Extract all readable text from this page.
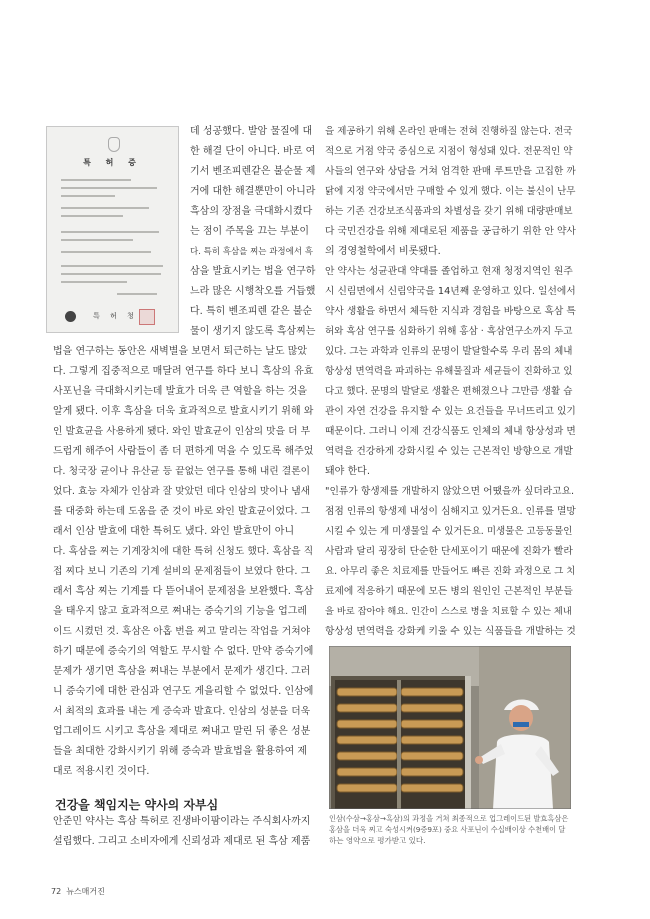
특 허 증
특 허 청
데 성공했다. 발암 물질에 대
한 해결 단이 아니다. 바로 여
기서 벤조피렌같은 불순물 제
거에 대한 해결뿐만이 아니라
흑삼의 장점을 극대화시켰다
는 점이 주목을 끄는 부분이
다. 특히 흑삼을 찌는 과정에서 흑
삼을 발효시키는 법을 연구하
느라 많은 시행착오를 거듭했
다. 특히 벤조피렌 같은 불순
물이 생기지 않도록 흑삼찌는
법을 연구하는 동안은 새벽별을 보면서 퇴근하는 날도 많았
다. 그렇게 집중적으로 매달려 연구를 하다 보니 흑삼의 유효
사포닌을 극대화시키는데 발효가 더욱 큰 역할을 하는 것을
알게 됐다. 이후 흑삼을 더욱 효과적으로 발효시키기 위해 와
인 발효균을 사용하게 됐다. 와인 발효균이 인삼의 맛을 더 부
드럽게 해주어 사람들이 좀 더 편하게 먹을 수 있도록 해주었
다. 청국장 균이나 유산균 등 끝없는 연구를 통해 내린 결론이
었다. 효능 자체가 인삼과 잘 맞았던 데다 인삼의 맛이나 냄새
를 대중화 하는데 도움을 준 것이 바로 와인 발효균이었다. 그
래서 인삼 발효에 대한 특허도 냈다. 와인 발효만이 아니
다. 흑삼을 찌는 기계장치에 대한 특허 신청도 했다. 흑삼을 직
접 찌다 보니 기존의 기계 설비의 문제점들이 보였다 한다. 그
래서 흑삼 찌는 기계를 다 뜯어내어 문제점을 보완했다. 흑삼
을 태우지 않고 효과적으로 쪄내는 증숙기의 기능을 업그레
이드 시켰던 것. 흑삼은 아홉 번을 찌고 말리는 작업을 거쳐야
하기 때문에 증숙기의 역할도 무시할 수 없다. 만약 증숙기에
문제가 생기면 흑삼을 쪄내는 부분에서 문제가 생긴다. 그러
니 증숙기에 대한 관심과 연구도 게을리할 수 없었다. 인삼에
서 최적의 효과를 내는 게 증숙과 발효다. 인삼의 성분을 더욱
업그레이드 시키고 흑삼을 제대로 쪄내고 말린 뒤 좋은 성분
들을 최대한 강화시키기 위해 증숙과 발효법을 활용하여 제
대로 적용시킨 것이다.
건강을 책임지는 약사의 자부심
안준민 약사는 흑삼 특허로 진생바이팜이라는 주식회사까지
설립했다. 그리고 소비자에게 신뢰성과 제대로 된 흑삼 제품
을 제공하기 위해 온라인 판매는 전혀 진행하질 않는다. 전국
적으로 거점 약국 중심으로 지점이 형성돼 있다. 전문적인 약
사들의 연구와 상담을 거쳐 엄격한 판매 루트만을 고집한 까
닭에 지정 약국에서만 구매할 수 있게 했다. 이는 불신이 난무
하는 기존 건강보조식품과의 차별성을 갖기 위해 대량판매보
다 국민건강을 위해 제대로된 제품을 공급하기 위한 안 약사
의 경영철학에서 비롯됐다.
안 약사는 성균관대 약대를 졸업하고 현재 청정지역인 원주
시 신림면에서 신림약국을 14년째 운영하고 있다. 일선에서
약사 생활을 하면서 체득한 지식과 경험을 바탕으로 흑삼 특
허와 흑삼 연구를 심화하기 위해 홍삼 · 흑삼연구소까지 두고
있다. 그는 과학과 인류의 문명이 발달할수록 우리 몸의 체내
항상성 면역력을 파괴하는 유해물질과 세균들이 진화하고 있
다고 했다. 문명의 발달로 생활은 편해졌으나 그만큼 생활 습
관이 자연 건강을 유지할 수 있는 요건들을 무너뜨리고 있기
때문이다. 그러니 이제 건강식품도 인체의 체내 항상성과 면
역력을 건강하게 강화시킬 수 있는 근본적인 방향으로 개발
돼야 한다.
"인류가 항생제를 개발하지 않았으면 어땠을까 싶더라고요.
점점 인류의 항생제 내성이 심해지고 있거든요. 인류를 멸망
시킬 수 있는 게 미생물일 수 있거든요. 미생물은 고등동물인
사람과 달리 굉장히 단순한 단세포이기 때문에 진화가 빨라
요. 아무리 좋은 치료제를 만들어도 빠른 진화 과정으로 그 치
료제에 적응하기 때문에 모든 병의 원인인 근본적인 부분들
을 바로 잡아야 해요. 인간이 스스로 병을 치료할 수 있는 체내
항상성 면역력을 강화케 키울 수 있는 식품들을 개발하는 것
인삼(수삼→홍삼→흑삼)의 과정을 거쳐 최종적으로 업그레이드된 발효흑삼은
홍삼을 더욱 찌고 숙성시켜(9증9포) 중요 사포닌이 수십배이상 수천배이 달
하는 영약으로 평가받고 있다.
72 뉴스매거진
